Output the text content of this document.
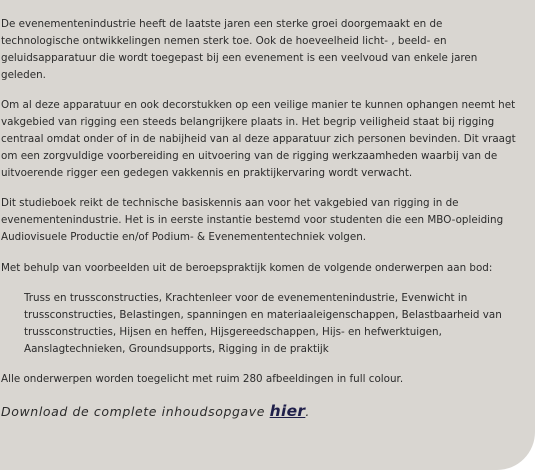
De evenementenindustrie heeft de laatste jaren een sterke groei doorgemaakt en de technologische ontwikkelingen nemen sterk toe. Ook de hoeveelheid licht- , beeld- en geluidsapparatuur die wordt toegepast bij een evenement is een veelvoud van enkele jaren geleden.

Om al deze apparatuur en ook decorstukken op een veilige manier te kunnen ophangen neemt het vakgebied van rigging een steeds belangrijkere plaats in. Het begrip veiligheid staat bij rigging centraal omdat onder of in de nabijheid van al deze apparatuur zich personen bevinden. Dit vraagt om een zorgvuldige voorbereiding en uitvoering van de rigging werkzaamheden waarbij van de uitvoerende rigger een gedegen vakkennis en praktijkervaring wordt verwacht.

Dit studieboek reikt de technische basiskennis aan voor het vakgebied van rigging in de evenementenindustrie. Het is in eerste instantie bestemd voor studenten die een MBO-opleiding Audiovisuele Productie en/of Podium- & Evenemententechniek volgen.

Met behulp van voorbeelden uit de beroepspraktijk komen de volgende onderwerpen aan bod:

Truss en trussconstructies, Krachtenleer voor de evenementenindustrie, Evenwicht in trussconstructies, Belastingen, spanningen en materiaaleigenschappen, Belastbaarheid van trussconstructies, Hijsen en heffen, Hijsgereedschappen, Hijs- en hefwerktuigen, Aanslagtechnieken, Groundsupports, Rigging in de praktijk

Alle onderwerpen worden toegelicht met ruim 280 afbeeldingen in full colour.

Download de complete inhoudsopgave hier.
